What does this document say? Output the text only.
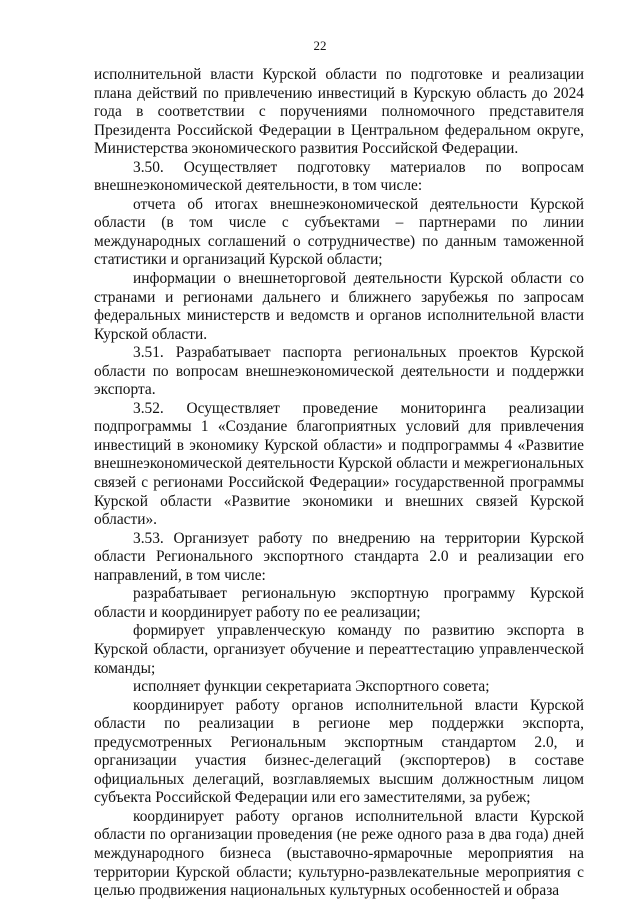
22

исполнительной власти Курской области по подготовке и реализации плана действий по привлечению инвестиций в Курскую область до 2024 года в соответствии с поручениями полномочного представителя Президента Российской Федерации в Центральном федеральном округе, Министерства экономического развития Российской Федерации.

3.50. Осуществляет подготовку материалов по вопросам внешнеэкономической деятельности, в том числе:

отчета об итогах внешнеэкономической деятельности Курской области (в том числе с субъектами – партнерами по линии международных соглашений о сотрудничестве) по данным таможенной статистики и организаций Курской области;

информации о внешнеторговой деятельности Курской области со странами и регионами дальнего и ближнего зарубежья по запросам федеральных министерств и ведомств и органов исполнительной власти Курской области.

3.51. Разрабатывает паспорта региональных проектов Курской области по вопросам внешнеэкономической деятельности и поддержки экспорта.

3.52. Осуществляет проведение мониторинга реализации подпрограммы 1 «Создание благоприятных условий для привлечения инвестиций в экономику Курской области» и подпрограммы 4 «Развитие внешнеэкономической деятельности Курской области и межрегиональных связей с регионами Российской Федерации» государственной программы Курской области «Развитие экономики и внешних связей Курской области».

3.53. Организует работу по внедрению на территории Курской области Регионального экспортного стандарта 2.0 и реализации его направлений, в том числе:

разрабатывает региональную экспортную программу Курской области и координирует работу по ее реализации;

формирует управленческую команду по развитию экспорта в Курской области, организует обучение и переаттестацию управленческой команды;

исполняет функции секретариата Экспортного совета;

координирует работу органов исполнительной власти Курской области по реализации в регионе мер поддержки экспорта, предусмотренных Региональным экспортным стандартом 2.0, и организации участия бизнес-делегаций (экспортеров) в составе официальных делегаций, возглавляемых высшим должностным лицом субъекта Российской Федерации или его заместителями, за рубеж;

координирует работу органов исполнительной власти Курской области по организации проведения (не реже одного раза в два года) дней международного бизнеса (выставочно-ярмарочные мероприятия на территории Курской области; культурно-развлекательные мероприятия с целью продвижения национальных культурных особенностей и образа
